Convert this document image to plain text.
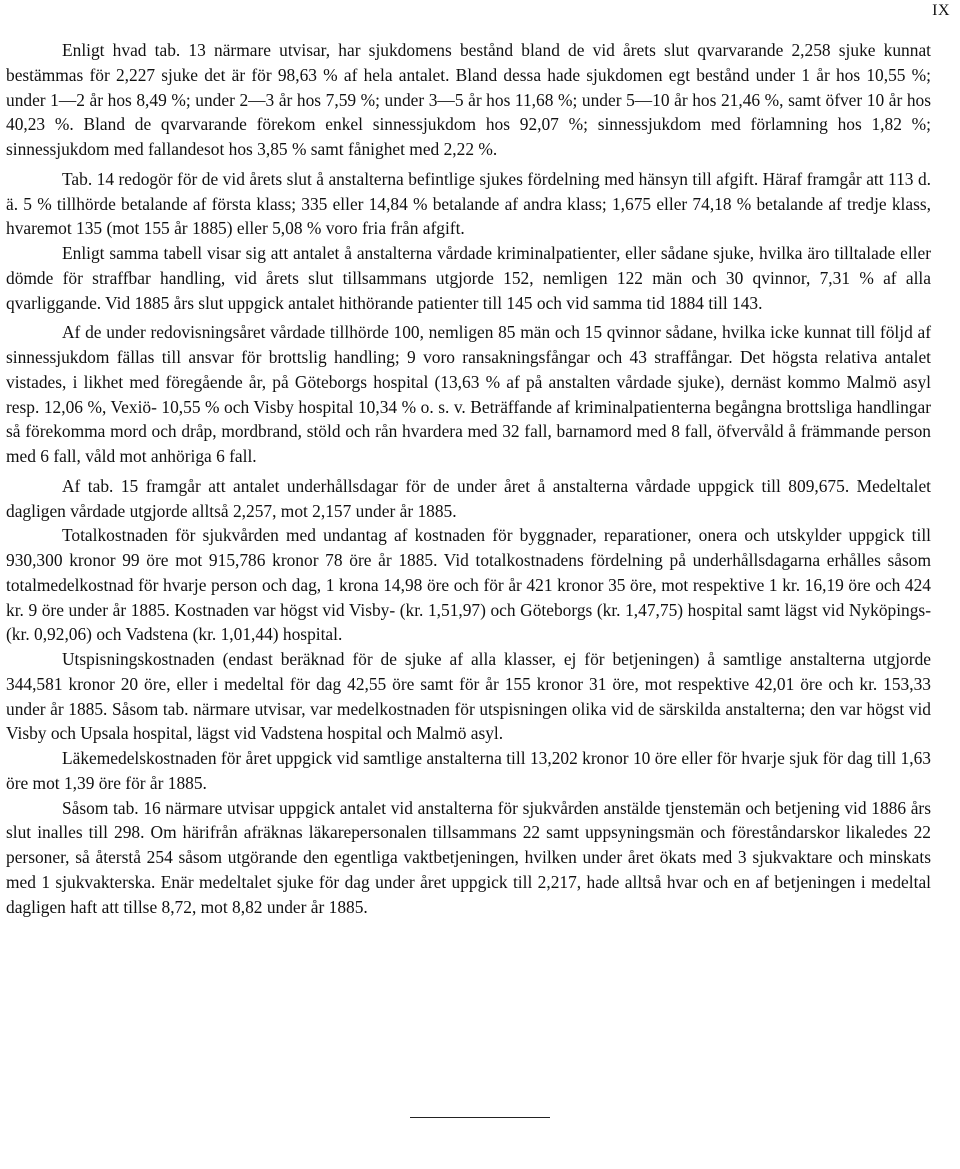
IX

Enligt hvad tab. 13 närmare utvisar, har sjukdomens bestånd bland de vid årets slut qvarvarande 2,258 sjuke kunnat bestämmas för 2,227 sjuke det är för 98,63 % af hela antalet. Bland dessa hade sjukdomen egt bestånd under 1 år hos 10,55 %; under 1—2 år hos 8,49 %; under 2—3 år hos 7,59 %; under 3—5 år hos 11,68 %; under 5—10 år hos 21,46 %, samt öfver 10 år hos 40,23 %. Bland de qvarvarande förekom enkel sinnessjukdom hos 92,07 %; sinnessjukdom med förlamning hos 1,82 %; sinnessjukdom med fallandesot hos 3,85 % samt fånighet med 2,22 %.

Tab. 14 redogör för de vid årets slut å anstalterna befintlige sjukes fördelning med hänsyn till afgift. Häraf framgår att 113 d. ä. 5 % tillhörde betalande af första klass; 335 eller 14,84 % betalande af andra klass; 1,675 eller 74,18 % betalande af tredje klass, hvaremot 135 (mot 155 år 1885) eller 5,08 % voro fria från afgift.

Enligt samma tabell visar sig att antalet å anstalterna vårdade kriminalpatienter, eller sådane sjuke, hvilka äro tilltalade eller dömde för straffbar handling, vid årets slut tillsammans utgjorde 152, nemligen 122 män och 30 qvinnor, 7,31 % af alla qvarliggande. Vid 1885 års slut uppgick antalet hithörande patienter till 145 och vid samma tid 1884 till 143.

Af de under redovisningsåret vårdade tillhörde 100, nemligen 85 män och 15 qvinnor sådane, hvilka icke kunnat till följd af sinnessjukdom fällas till ansvar för brottslig handling; 9 voro ransakningsfångar och 43 straffångar. Det högsta relativa antalet vistades, i likhet med föregående år, på Göteborgs hospital (13,63 % af på anstalten vårdade sjuke), dernäst kommo Malmö asyl resp. 12,06 %, Vexiö- 10,55 % och Visby hospital 10,34 % o. s. v. Beträffande af kriminalpatienterna begångna brottsliga handlingar så förekomma mord och dråp, mordbrand, stöld och rån hvardera med 32 fall, barnamord med 8 fall, öfvervåld å främmande person med 6 fall, våld mot anhöriga 6 fall.

Af tab. 15 framgår att antalet underhållsdagar för de under året å anstalterna vårdade uppgick till 809,675. Medeltalet dagligen vårdade utgjorde alltså 2,257, mot 2,157 under år 1885.

Totalkostnaden för sjukvården med undantag af kostnaden för byggnader, reparationer, onera och utskylder uppgick till 930,300 kronor 99 öre mot 915,786 kronor 78 öre år 1885. Vid totalkostnadens fördelning på underhållsdagarna erhålles såsom totalmedelkostnad för hvarje person och dag, 1 krona 14,98 öre och för år 421 kronor 35 öre, mot respektive 1 kr. 16,19 öre och 424 kr. 9 öre under år 1885. Kostnaden var högst vid Visby- (kr. 1,51,97) och Göteborgs (kr. 1,47,75) hospital samt lägst vid Nyköpings- (kr. 0,92,06) och Vadstena (kr. 1,01,44) hospital.

Utspisningskostnaden (endast beräknad för de sjuke af alla klasser, ej för betjeningen) å samtlige anstalterna utgjorde 344,581 kronor 20 öre, eller i medeltal för dag 42,55 öre samt för år 155 kronor 31 öre, mot respektive 42,01 öre och kr. 153,33 under år 1885. Såsom tab. närmare utvisar, var medelkostnaden för utspisningen olika vid de särskilda anstalterna; den var högst vid Visby och Upsala hospital, lägst vid Vadstena hospital och Malmö asyl.

Läkemedelskostnaden för året uppgick vid samtlige anstalterna till 13,202 kronor 10 öre eller för hvarje sjuk för dag till 1,63 öre mot 1,39 öre för år 1885.

Såsom tab. 16 närmare utvisar uppgick antalet vid anstalterna för sjukvården anstälde tjenstemän och betjening vid 1886 års slut inalles till 298. Om härifrån afräknas läkarepersonalen tillsammans 22 samt uppsyningsmän och föreståndarskor likaledes 22 personer, så återstå 254 såsom utgörande den egentliga vaktbetjeningen, hvilken under året ökats med 3 sjukvaktare och minskats med 1 sjukvakterska. Enär medeltalet sjuke för dag under året uppgick till 2,217, hade alltså hvar och en af betjeningen i medeltal dagligen haft att tillse 8,72, mot 8,82 under år 1885.
